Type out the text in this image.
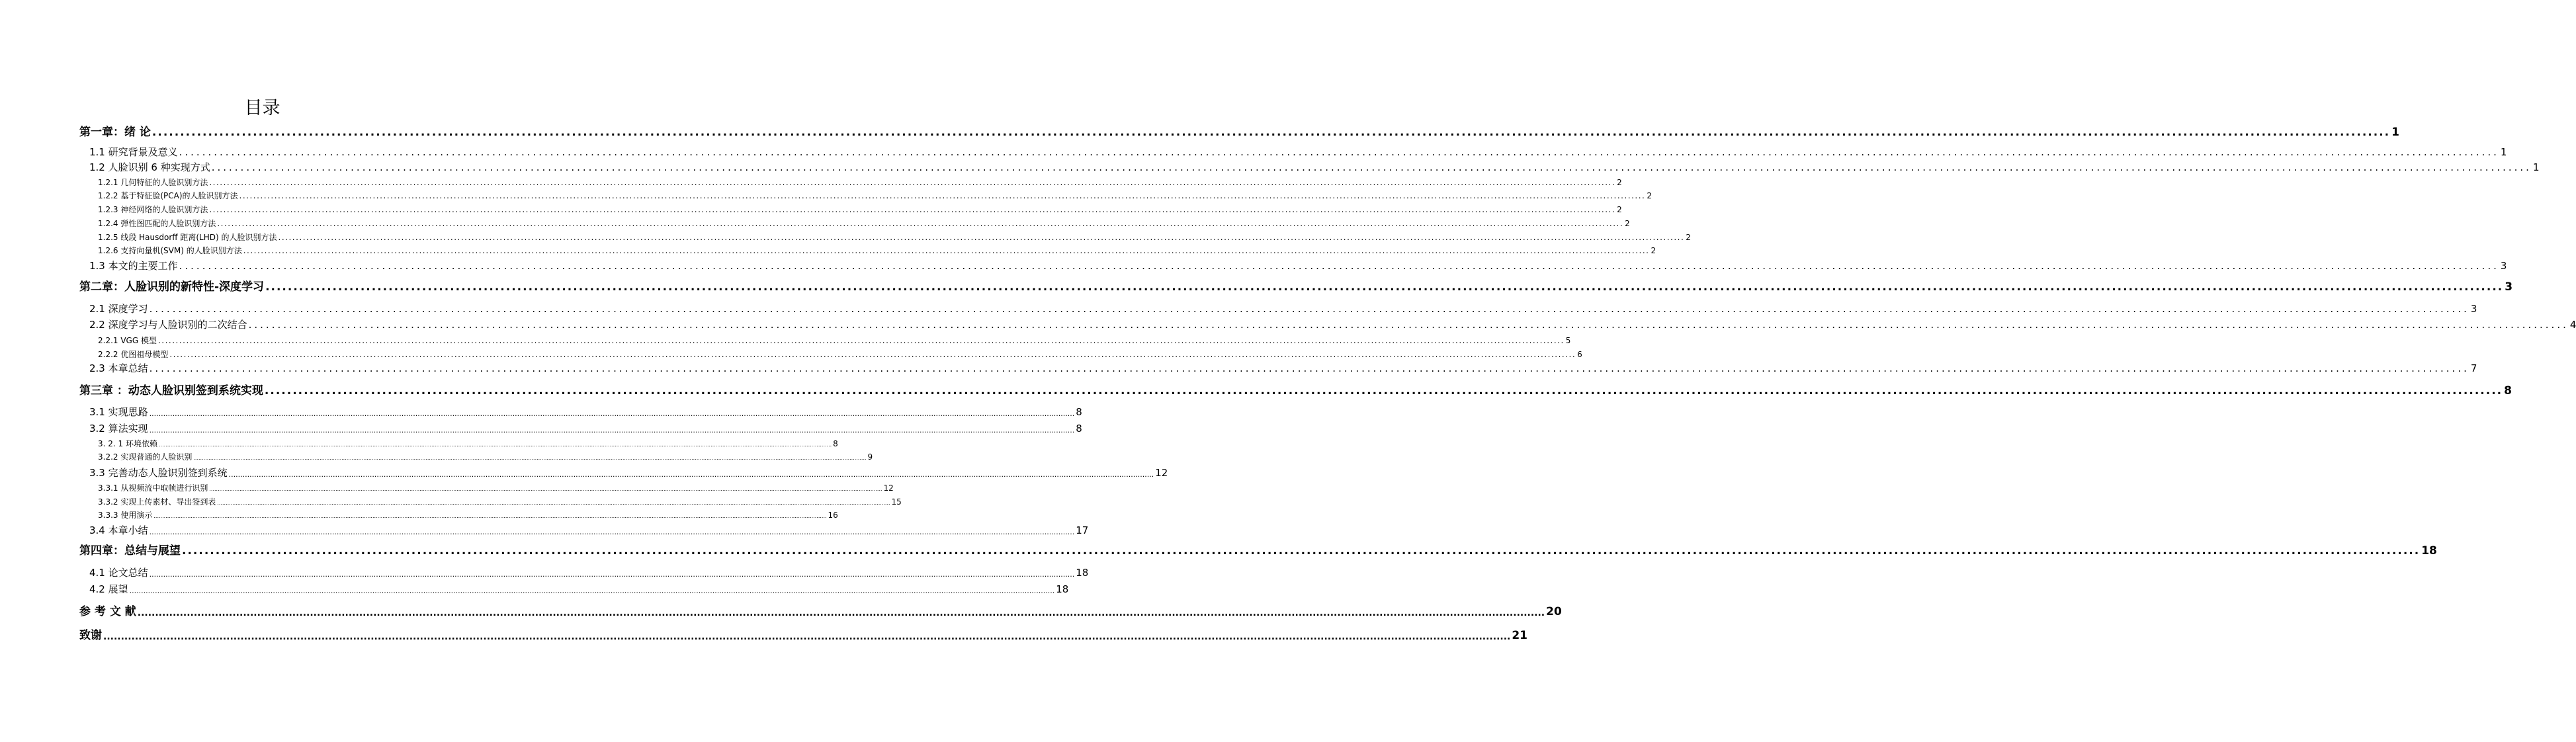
目录
第一章：绪 论 ................................................................................................................................................................................................................................................................................................................................................................................................................ 1
1.1 研究背景及意义 ................................................................................................................................................................................................................................................................................................................................................................................................................ 1
1.2 人脸识别 6 种实现方式 ................................................................................................................................................................................................................................................................................................................................................................................................................ 1
1.2.1 几何特征的人脸识别方法 ................................................................................................................................................................................................................................................................................................................................................................................................................ 2
1.2.2 基于特征脸(PCA)的人脸识别方法 ................................................................................................................................................................................................................................................................................................................................................................................................................ 2
1.2.3 神经网络的人脸识别方法 ................................................................................................................................................................................................................................................................................................................................................................................................................ 2
1.2.4 弹性图匹配的人脸识别方法 ................................................................................................................................................................................................................................................................................................................................................................................................................ 2
1.2.5 线段 Hausdorff 距离(LHD) 的人脸识别方法 ................................................................................................................................................................................................................................................................................................................................................................................................................ 2
1.2.6 支持向量机(SVM) 的人脸识别方法 ................................................................................................................................................................................................................................................................................................................................................................................................................ 2
1.3 本文的主要工作 ................................................................................................................................................................................................................................................................................................................................................................................................................ 3
第二章：人脸识别的新特性-深度学习 ................................................................................................................................................................................................................................................................................................................................................................................................................ 3
2.1 深度学习 ................................................................................................................................................................................................................................................................................................................................................................................................................ 3
2.2 深度学习与人脸识别的二次结合 ................................................................................................................................................................................................................................................................................................................................................................................................................ 4
2.2.1 VGG 模型 ................................................................................................................................................................................................................................................................................................................................................................................................................ 5
2.2.2 优图祖母模型 ................................................................................................................................................................................................................................................................................................................................................................................................................ 6
2.3 本章总结 ................................................................................................................................................................................................................................................................................................................................................................................................................ 7
第三章 ：动态人脸识别签到系统实现 ................................................................................................................................................................................................................................................................................................................................................................................................................ 8
3.1 实现思路 ................................................................................................................................................................................................................................................................................................................................................................................................................ 8
3.2 算法实现 ................................................................................................................................................................................................................................................................................................................................................................................................................ 8
3. 2. 1 环境依赖 ................................................................................................................................................................................................................................................................................................................................................................................................................ 8
3.2.2 实现普通的人脸识别 ................................................................................................................................................................................................................................................................................................................................................................................................................ 9
3.3 完善动态人脸识别签到系统 ................................................................................................................................................................................................................................................................................................................................................................................................................ 12
3.3.1 从视频流中取帧进行识别 ................................................................................................................................................................................................................................................................................................................................................................................................................ 12
3.3.2 实现上传素材、导出签到表 ................................................................................................................................................................................................................................................................................................................................................................................................................ 15
3.3.3 使用演示 ................................................................................................................................................................................................................................................................................................................................................................................................................ 16
3.4 本章小结 ................................................................................................................................................................................................................................................................................................................................................................................................................ 17
第四章：总结与展望 ................................................................................................................................................................................................................................................................................................................................................................................................................ 18
4.1 论文总结 ................................................................................................................................................................................................................................................................................................................................................................................................................ 18
4.2 展望 ................................................................................................................................................................................................................................................................................................................................................................................................................ 18
参 考 文 献 ................................................................................................................................................................................................................................................................................................................................................................................................................ 20
致谢 ................................................................................................................................................................................................................................................................................................................................................................................................................ 21
